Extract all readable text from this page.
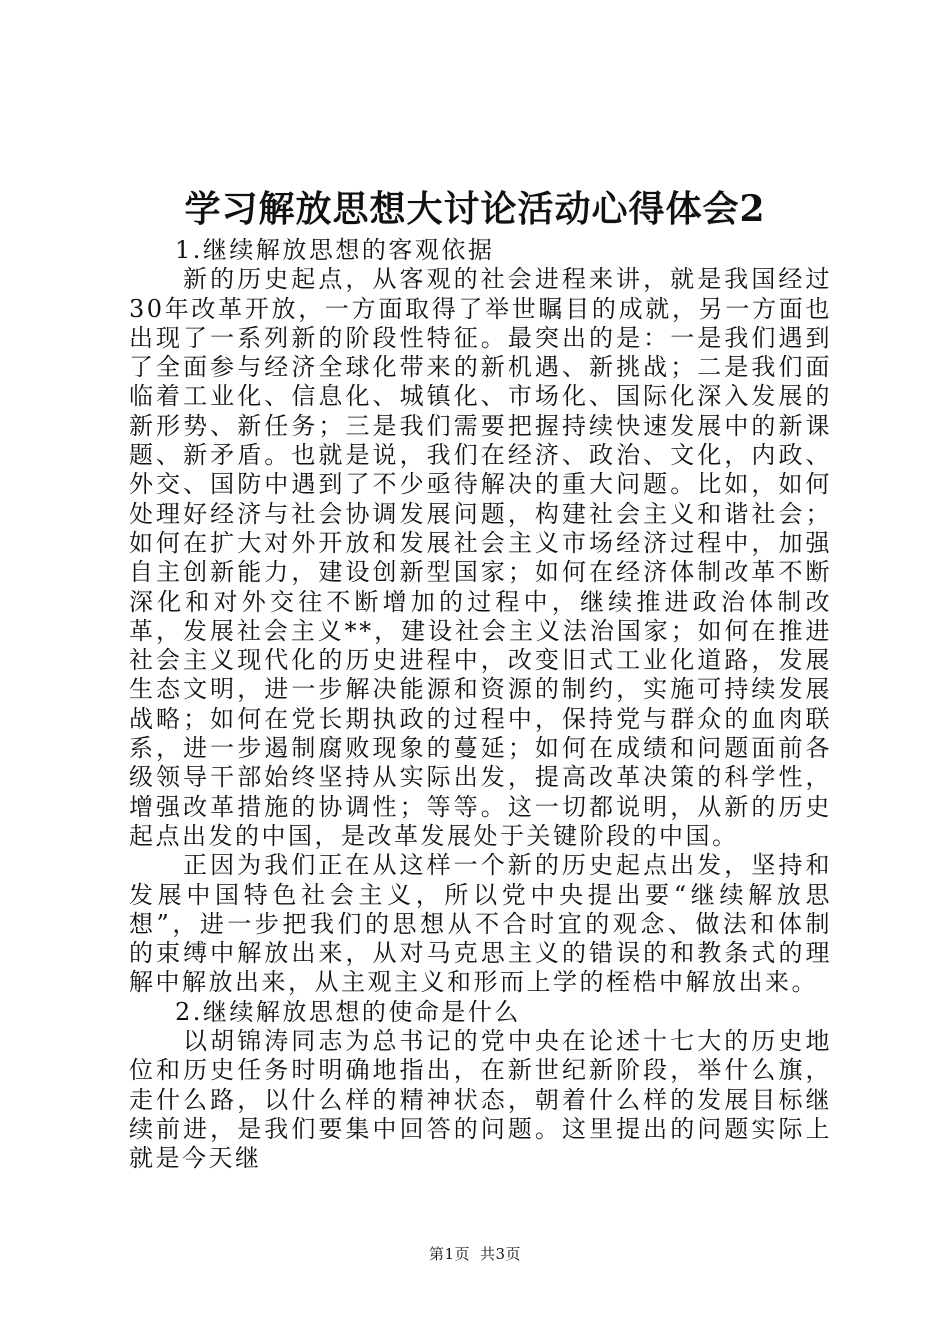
学习解放思想大讨论活动心得体会2

1.继续解放思想的客观依据

新的历史起点，从客观的社会进程来讲，就是我国经过30年改革开放，一方面取得了举世瞩目的成就，另一方面也出现了一系列新的阶段性特征。最突出的是：一是我们遇到了全面参与经济全球化带来的新机遇、新挑战；二是我们面临着工业化、信息化、城镇化、市场化、国际化深入发展的新形势、新任务；三是我们需要把握持续快速发展中的新课题、新矛盾。也就是说，我们在经济、政治、文化，内政、外交、国防中遇到了不少亟待解决的重大问题。比如，如何处理好经济与社会协调发展问题，构建社会主义和谐社会；如何在扩大对外开放和发展社会主义市场经济过程中，加强自主创新能力，建设创新型国家；如何在经济体制改革不断深化和对外交往不断增加的过程中，继续推进政治体制改革，发展社会主义**，建设社会主义法治国家；如何在推进社会主义现代化的历史进程中，改变旧式工业化道路，发展生态文明，进一步解决能源和资源的制约，实施可持续发展战略；如何在党长期执政的过程中，保持党与群众的血肉联系，进一步遏制腐败现象的蔓延；如何在成绩和问题面前各级领导干部始终坚持从实际出发，提高改革决策的科学性，增强改革措施的协调性；等等。这一切都说明，从新的历史起点出发的中国，是改革发展处于关键阶段的中国。

正因为我们正在从这样一个新的历史起点出发，坚持和发展中国特色社会主义，所以党中央提出要“继续解放思想”，进一步把我们的思想从不合时宜的观念、做法和体制的束缚中解放出来，从对马克思主义的错误的和教条式的理解中解放出来，从主观主义和形而上学的桎梏中解放出来。

2.继续解放思想的使命是什么

以胡锦涛同志为总书记的党中央在论述十七大的历史地位和历史任务时明确地指出，在新世纪新阶段，举什么旗，走什么路，以什么样的精神状态，朝着什么样的发展目标继续前进，是我们要集中回答的问题。这里提出的问题实际上就是今天继

第1页 共3页
